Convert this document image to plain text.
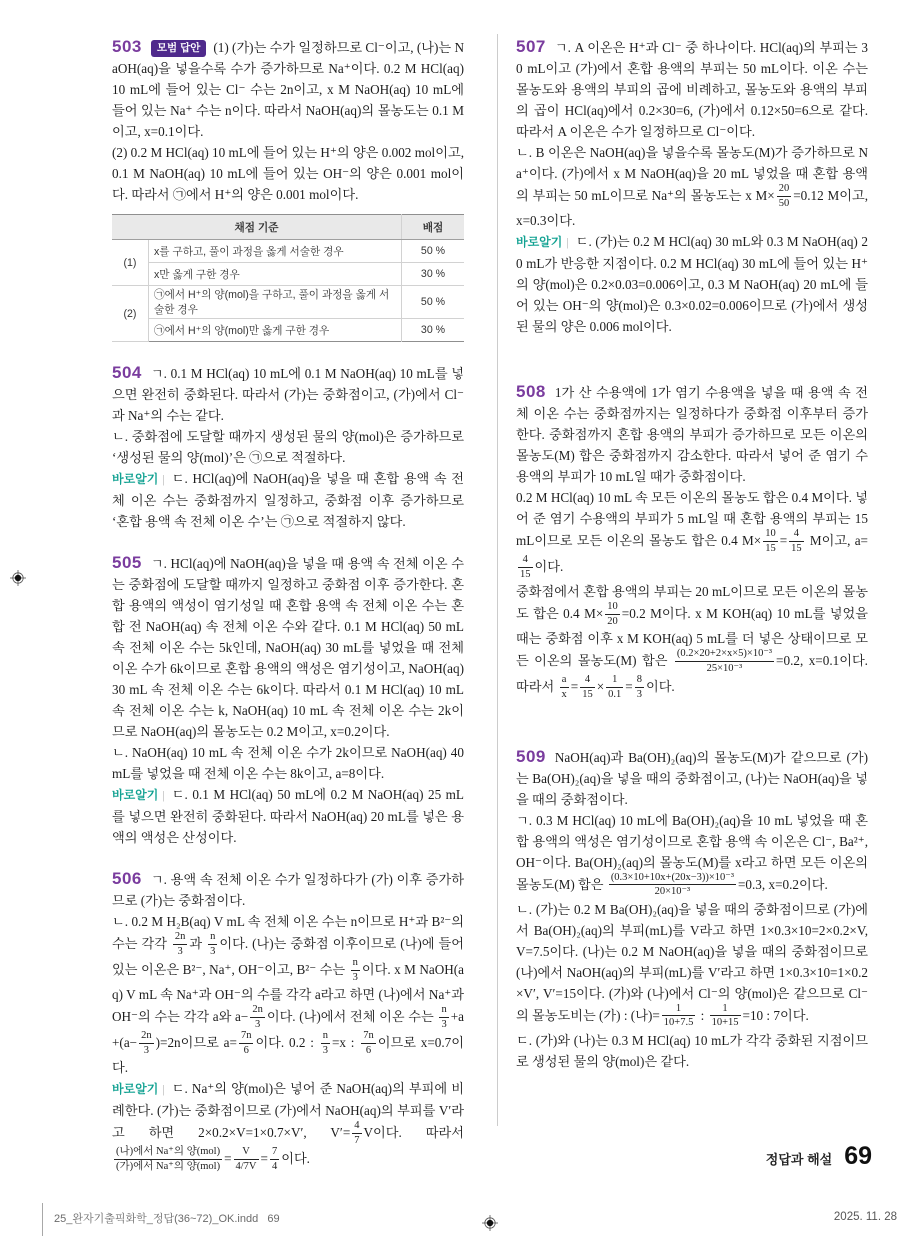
503 모범 답안 (1) (가)는 수가 일정하므로 Cl⁻이고, (나)는 NaOH(aq)을 넣을수록 수가 증가하므로 Na⁺이다. 0.2 M HCl(aq) 10 mL에 들어 있는 Cl⁻ 수는 2n이고, x M NaOH(aq) 10 mL에 들어 있는 Na⁺ 수는 n이다. 따라서 NaOH(aq)의 몰농도는 0.1 M이고, x=0.1이다.

(2) 0.2 M HCl(aq) 10 mL에 들어 있는 H⁺의 양은 0.002 mol이고, 0.1 M NaOH(aq) 10 mL에 들어 있는 OH⁻의 양은 0.001 mol이다. 따라서 ㉠에서 H⁺의 양은 0.001 mol이다.

채점 기준		배점
(1)	x를 구하고, 풀이 과정을 옳게 서술한 경우	50 %
	x만 옳게 구한 경우	30 %
(2)	㉠에서 H⁺의 양(mol)을 구하고, 풀이 과정을 옳게 서술한 경우	50 %
	㉠에서 H⁺의 양(mol)만 옳게 구한 경우	30 %

504 ㄱ. 0.1 M HCl(aq) 10 mL에 0.1 M NaOH(aq) 10 mL를 넣으면 완전히 중화된다. 따라서 (가)는 중화점이고, (가)에서 Cl⁻과 Na⁺의 수는 같다.

ㄴ. 중화점에 도달할 때까지 생성된 물의 양(mol)은 증가하므로 ‘생성된 물의 양(mol)’은 ㉠으로 적절하다.

바로알기 | ㄷ. HCl(aq)에 NaOH(aq)을 넣을 때 혼합 용액 속 전체 이온 수는 중화점까지 일정하고, 중화점 이후 증가하므로 ‘혼합 용액 속 전체 이온 수’는 ㉠으로 적절하지 않다.

505 ㄱ. HCl(aq)에 NaOH(aq)을 넣을 때 용액 속 전체 이온 수는 중화점에 도달할 때까지 일정하고 중화점 이후 증가한다. 혼합 용액의 액성이 염기성일 때 혼합 용액 속 전체 이온 수는 혼합 전 NaOH(aq) 속 전체 이온 수와 같다. 0.1 M HCl(aq) 50 mL 속 전체 이온 수는 5k인데, NaOH(aq) 30 mL를 넣었을 때 전체 이온 수가 6k이므로 혼합 용액의 액성은 염기성이고, NaOH(aq) 30 mL 속 전체 이온 수는 6k이다. 따라서 0.1 M HCl(aq) 10 mL 속 전체 이온 수는 k, NaOH(aq) 10 mL 속 전체 이온 수는 2k이므로 NaOH(aq)의 몰농도는 0.2 M이고, x=0.2이다.

ㄴ. NaOH(aq) 10 mL 속 전체 이온 수가 2k이므로 NaOH(aq) 40 mL를 넣었을 때 전체 이온 수는 8k이고, a=8이다.

바로알기 | ㄷ. 0.1 M HCl(aq) 50 mL에 0.2 M NaOH(aq) 25 mL를 넣으면 완전히 중화된다. 따라서 NaOH(aq) 20 mL를 넣은 용액의 액성은 산성이다.

506 ㄱ. 용액 속 전체 이온 수가 일정하다가 (가) 이후 증가하므로 (가)는 중화점이다.

ㄴ. 0.2 M H₂B(aq) V mL 속 전체 이온 수는 n이므로 H⁺과 B²⁻의 수는 각각 $\frac{2n}{3}$ 과 $\frac{n}{3}$ 이다. (나)는 중화점 이후이므로 (나)에 들어 있는 이온은 B²⁻, Na⁺, OH⁻이고, B²⁻ 수는 $\frac{n}{3}$ 이다. x M NaOH(aq) V mL 속 Na⁺과 OH⁻의 수를 각각 a라고 하면 (나)에서 Na⁺과 OH⁻의 수는 각각 a와 $a- \frac{2n}{3}$ 이다. (나)에서 전체 이온 수는 $\frac{n}{3} +a+(a- \frac{2n}{3} )=2n$이므로 $a= \frac{7n}{6}$ 이다. 0.2 : $\frac{n}{3} =x$ : $\frac{7n}{6}$ 이므로 x=0.7이다.

바로알기 | ㄷ. Na⁺의 양(mol)은 넣어 준 NaOH(aq)의 부피에 비례한다. (가)는 중화점이므로 (가)에서 NaOH(aq)의 부피를 V′라고 하면 2×0.2×V=1×0.7×V′, $V'= \frac{4}{7}$ V이다. 따라서
$\frac{\text{(나)에서 Na⁺의 양(mol)}}{\text{(가)에서 Na⁺의 양(mol)}} = \frac{V}{4/7V} = \frac{7}{4}$ 이다.

507 ㄱ. A 이온은 H⁺과 Cl⁻ 중 하나이다. HCl(aq)의 부피는 30 mL이고 (가)에서 혼합 용액의 부피는 50 mL이다. 이온 수는 몰농도와 용액의 부피의 곱에 비례하고, 몰농도와 용액의 부피의 곱이 HCl(aq)에서 0.2×30=6, (가)에서 0.12×50=6으로 같다. 따라서 A 이온은 수가 일정하므로 Cl⁻이다.

ㄴ. B 이온은 NaOH(aq)을 넣을수록 몰농도(M)가 증가하므로 Na⁺이다. (가)에서 x M NaOH(aq)을 20 mL 넣었을 때 혼합 용액의 부피는 50 mL이므로 Na⁺의 몰농도는 x $M\times \frac{20}{50} =0.12$ M이고, x=0.3이다.

바로알기 | ㄷ. (가)는 0.2 M HCl(aq) 30 mL와 0.3 M NaOH(aq) 20 mL가 반응한 지점이다. 0.2 M HCl(aq) 30 mL에 들어 있는 H⁺의 양(mol)은 0.2×0.03=0.006이고, 0.3 M NaOH(aq) 20 mL에 들어 있는 OH⁻의 양(mol)은 0.3×0.02=0.006이므로 (가)에서 생성된 물의 양은 0.006 mol이다.

508 1가 산 수용액에 1가 염기 수용액을 넣을 때 용액 속 전체 이온 수는 중화점까지는 일정하다가 중화점 이후부터 증가한다. 중화점까지 혼합 용액의 부피가 증가하므로 모든 이온의 몰농도(M) 합은 중화점까지 감소한다. 따라서 넣어 준 염기 수용액의 부피가 10 mL일 때가 중화점이다.

0.2 M HCl(aq) 10 mL 속 모든 이온의 몰농도 합은 0.4 M이다. 넣어 준 염기 수용액의 부피가 5 mL일 때 혼합 용액의 부피는 15 mL이므로 모든 이온의 몰농도 합은 0.4 $M\times \frac{10}{15} = \frac{4}{15}$ M이고, a=
$\frac{4}{15}$ 이다.

중화점에서 혼합 용액의 부피는 20 mL이므로 모든 이온의 몰농도 합은 0.4 $M\times \frac{10}{20} =0.2$ M이다. x M KOH(aq) 10 mL를 넣었을 때는 중화점 이후 x M KOH(aq) 5 mL를 더 넣은 상태이므로 모든 이온의 몰농도(M) 합은 $\frac{\text{(0.2×20+2×x×5)×10⁻³}}{\text{25×10⁻³}} =0.2$, x=0.1이다. 따라서 $\frac{a}{x} = \frac{4}{15} \times \frac{1}{0.1} = \frac{8}{3}$ 이다.

509 NaOH(aq)과 Ba(OH)₂(aq)의 몰농도(M)가 같으므로 (가)는 Ba(OH)₂(aq)을 넣을 때의 중화점이고, (나)는 NaOH(aq)을 넣을 때의 중화점이다.

ㄱ. 0.3 M HCl(aq) 10 mL에 Ba(OH)₂(aq)을 10 mL 넣었을 때 혼합 용액의 액성은 염기성이므로 혼합 용액 속 이온은 Cl⁻, Ba²⁺, OH⁻이다. Ba(OH)₂(aq)의 몰농도(M)를 x라고 하면 모든 이온의 몰농도(M) 합은 $\frac{\text{(0.3×10+10x+(20x−3))×10⁻³}}{\text{20×10⁻³}} =0.3$, x=0.2이다.

ㄴ. (가)는 0.2 M Ba(OH)₂(aq)을 넣을 때의 중화점이므로 (가)에서 Ba(OH)₂(aq)의 부피(mL)를 V라고 하면 1×0.3×10=2×0.2×V, V=7.5이다. (나)는 0.2 M NaOH(aq)을 넣을 때의 중화점이므로 (나)에서 NaOH(aq)의 부피(mL)를 V′라고 하면 1×0.3×10=1×0.2×V′, V′=15이다. (가)와 (나)에서 Cl⁻의 양(mol)은 같으므로 Cl⁻의 몰농도비는 (가) : (나)= $\frac{1}{10+7.5}$ : $\frac{1}{10+15} =10$ : 7이다.

ㄷ. (가)와 (나)는 0.3 M HCl(aq) 10 mL가 각각 중화된 지점이므로 생성된 물의 양(mol)은 같다.

정답과 해설 69
25_완자기출픽화학_정답(36~72)_OK.indd   69	2025. 11. 28
